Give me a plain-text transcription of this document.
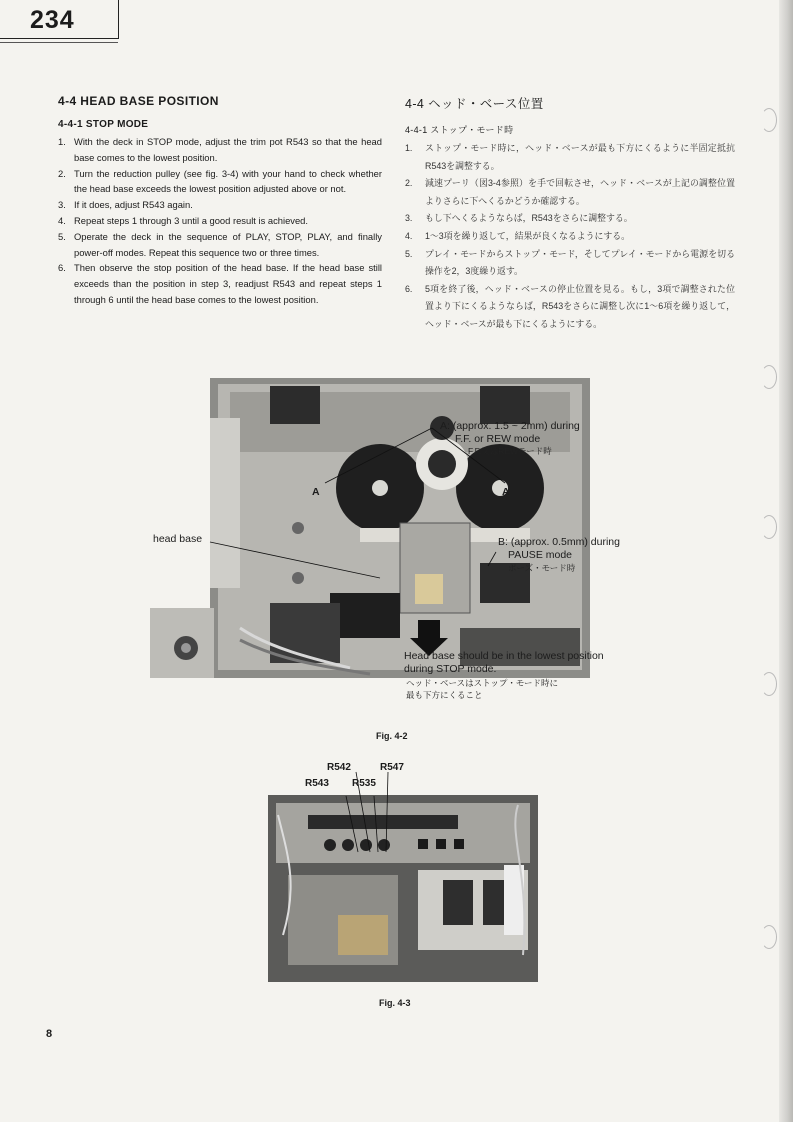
234
4-4 HEAD BASE POSITION
4-4-1 STOP MODE
1. With the deck in STOP mode, adjust the trim pot R543 so that the head base comes to the lowest position.
2. Turn the reduction pulley (see fig. 3-4) with your hand to check whether the head base exceeds the lowest position adjusted above or not.
3. If it does, adjust R543 again.
4. Repeat steps 1 through 3 until a good result is achieved.
5. Operate the deck in the sequence of PLAY, STOP, PLAY, and finally power-off modes. Repeat this sequence two or three times.
6. Then observe the stop position of the head base. If the head base still exceeds than the position in step 3, readjust R543 and repeat steps 1 through 6 until the head base comes to the lowest position.
4-4 ヘッド・ベース位置
4-4-1 ストップ・モード時
1.	ストップ・モード時に，ヘッド・ベースが最も下方にくるように半固定抵抗R543を調整する。
2.	減速プーリ（図3-4参照）を手で回転させ，ヘッド・ベースが上記の調整位置よりさらに下へくるかどうか確認する。
3.	もし下へくるようならば，R543をさらに調整する。
4.	1～3項を繰り返して，結果が良くなるようにする。
5.	プレイ・モードからストップ・モード，そしてプレイ・モードから電源を切る操作を2，3度繰り返す。
6.	5項を終了後，ヘッド・ベースの停止位置を見る。もし，3項で調整された位置より下にくるようならば，R543をさらに調整し次に1～6項を繰り返して，ヘッド・ベースが最も下にくるようにする。
A: (approx. 1.5 ~ 2mm) during
F.F. or REW mode
F.F.又はREWモード時
A	A
head base	B: (approx. 0.5mm) during
PAUSE mode
ポーズ・モード時
Head base should be in the lowest position
during STOP mode.
ヘッド・ベースはストップ・モード時に
最も下方にくること
Fig. 4-2
R542	R547
R543 R535
Fig. 4-3
8
